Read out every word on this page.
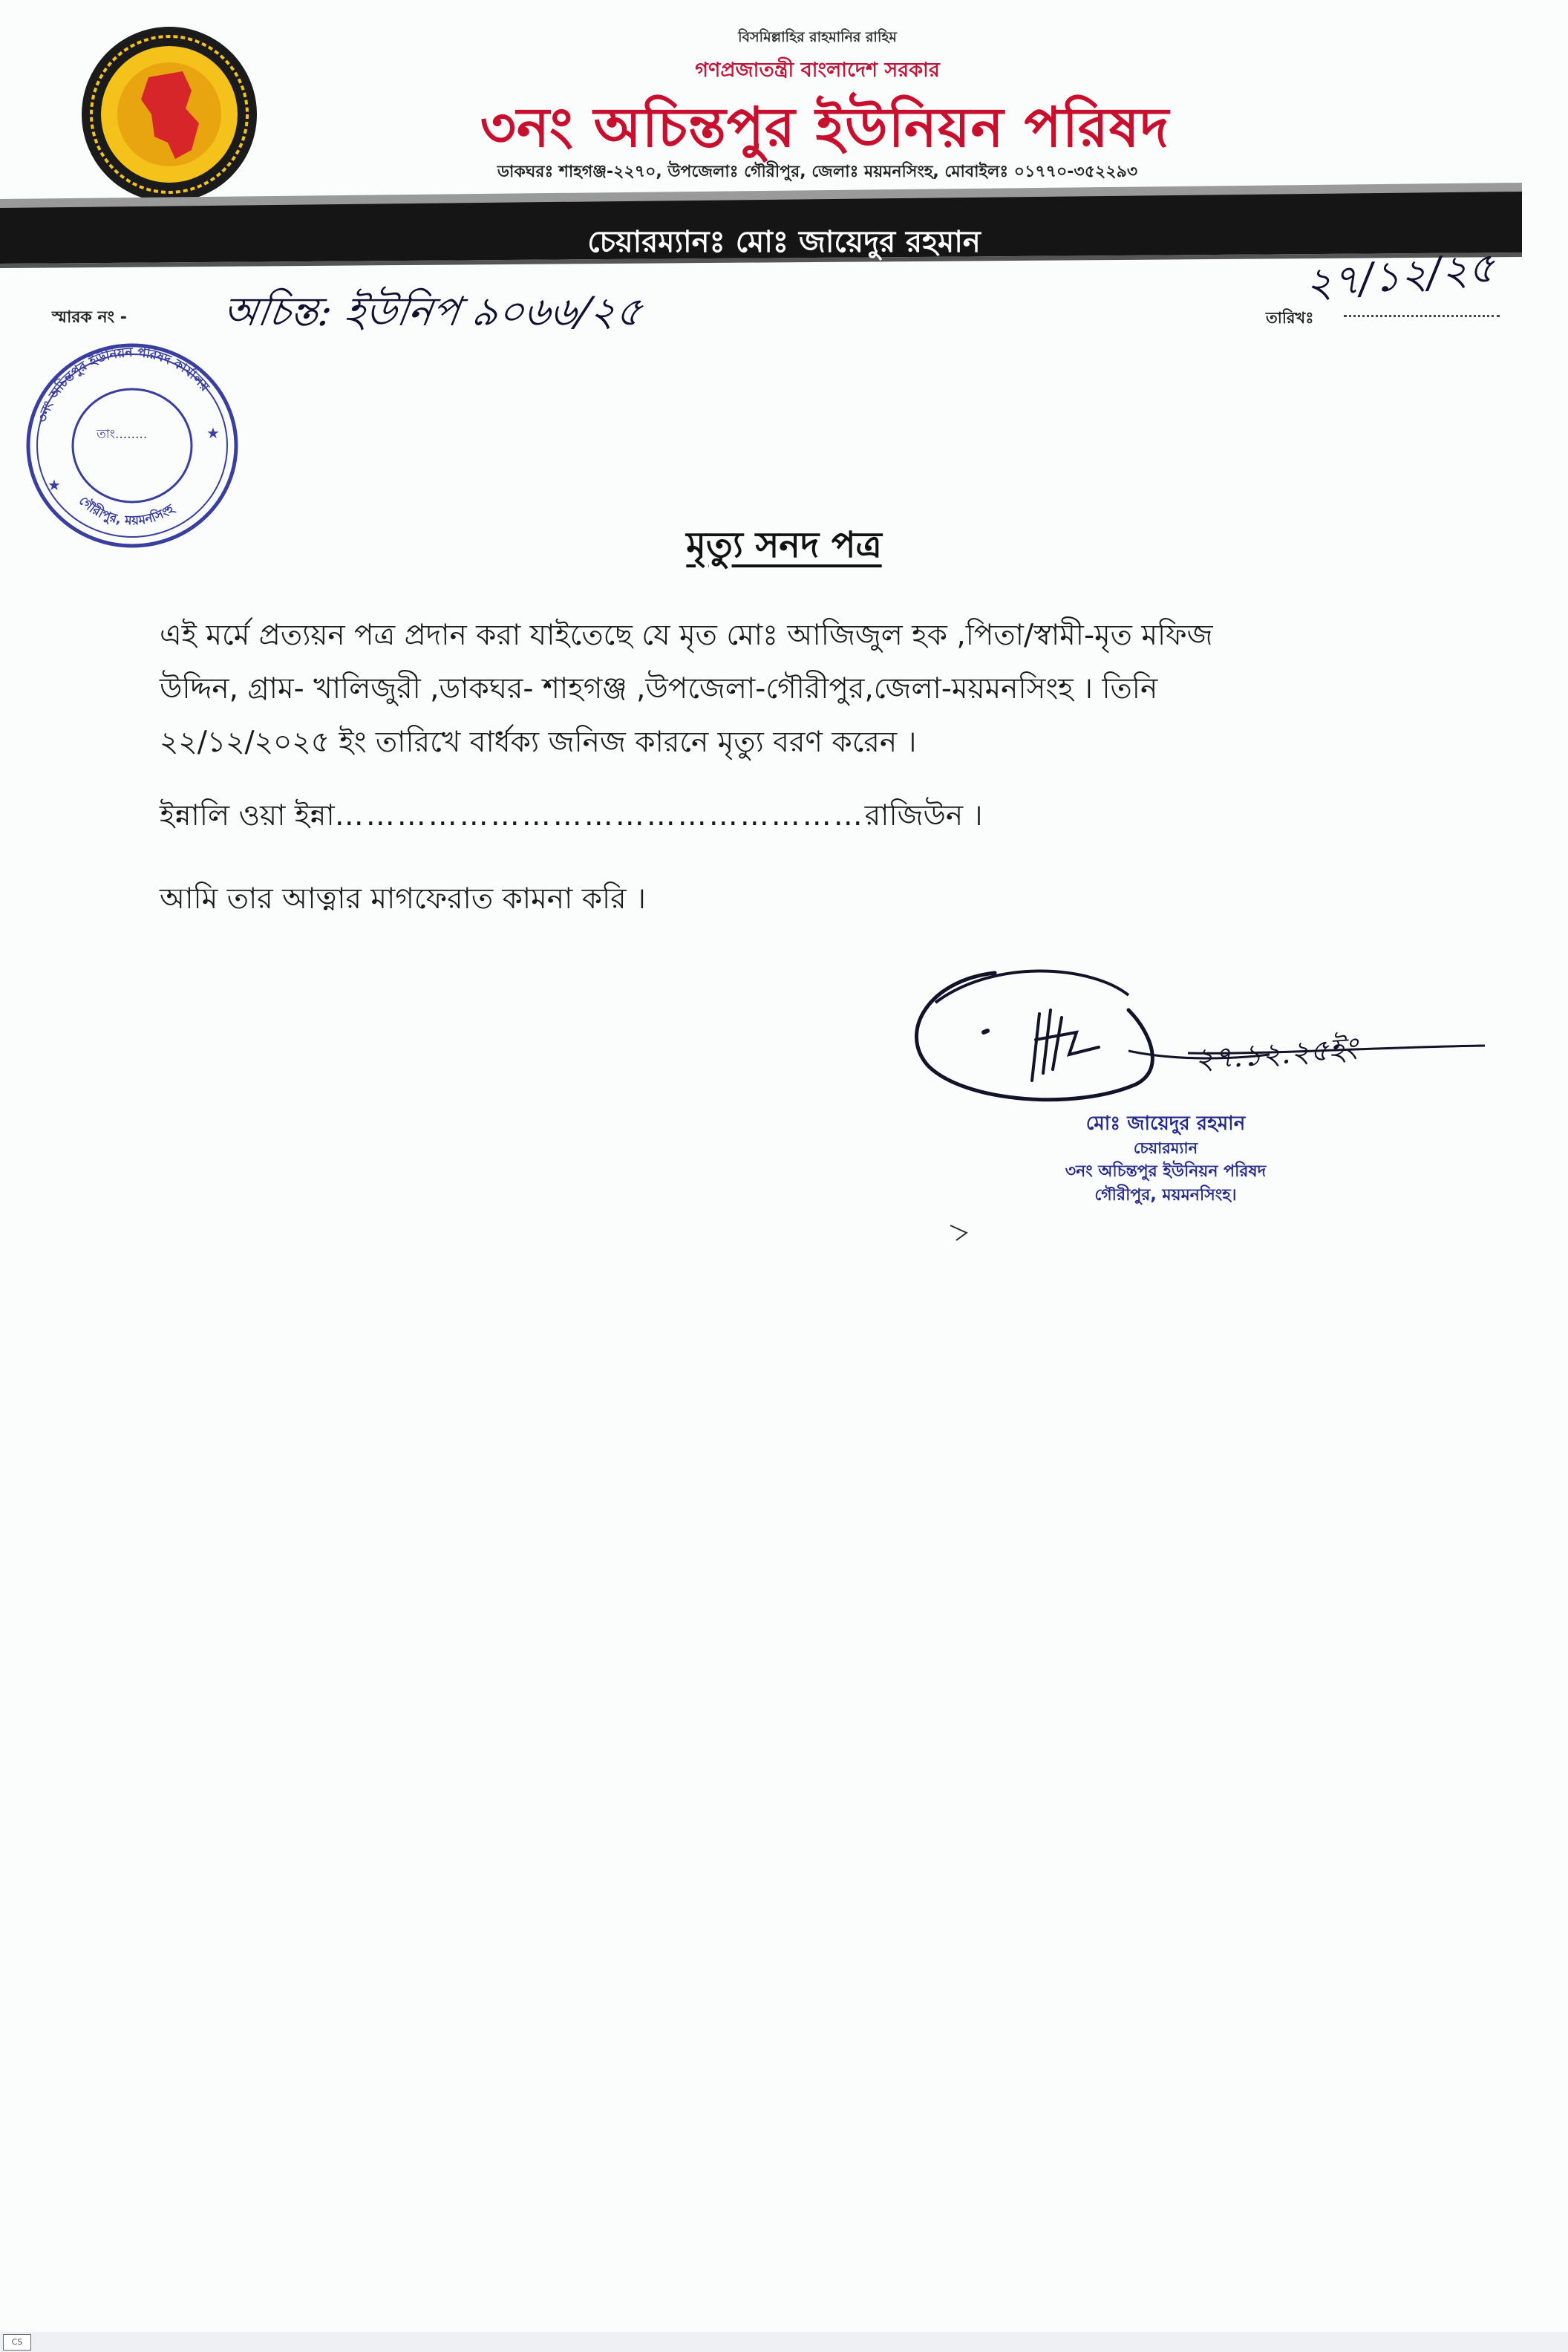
বিসমিল্লাহির রাহমানির রাহিম
গণপ্রজাতন্ত্রী বাংলাদেশ সরকার
৩নং অচিন্তপুর ইউনিয়ন পরিষদ
ডাকঘরঃ শাহগঞ্জ-২২৭০, উপজেলাঃ গৌরীপুর, জেলাঃ ময়মনসিংহ, মোবাইলঃ ০১৭৭০-৩৫২২৯৩
চেয়ারম্যানঃ মোঃ জায়েদুর রহমান
স্মারক নং - অচিন্ত: ইউনিপ ৯০৬৬/২৫
২৭/১২/২৫
তারিখঃ
৩নং অচিন্তপুর ইউনিয়ন পরিষদ কার্যালয়
গৌরীপুর, ময়মনসিংহ
তাং........
★
★
মৃত্যু সনদ পত্র

এই মর্মে প্রত্যয়ন পত্র প্রদান করা যাইতেছে যে মৃত মোঃ আজিজুল হক ,পিতা/স্বামী-মৃত মফিজ

উদ্দিন, গ্রাম- খালিজুরী ,ডাকঘর- শাহগঞ্জ ,উপজেলা-গৌরীপুর,জেলা-ময়মনসিংহ । তিনি

২২/১২/২০২৫ ইং তারিখে বার্ধক্য জনিজ কারনে মৃত্যু বরণ করেন ।

ইন্নালি ওয়া ইন্না……………………………………………রাজিউন ।
আমি তার আত্নার মাগফেরাত কামনা করি ।
২৭.১২.২৫ইং
মোঃ জায়েদুর রহমান
চেয়ারম্যান
৩নং অচিন্তপুর ইউনিয়ন পরিষদ
গৌরীপুর, ময়মনসিংহ।
CS
